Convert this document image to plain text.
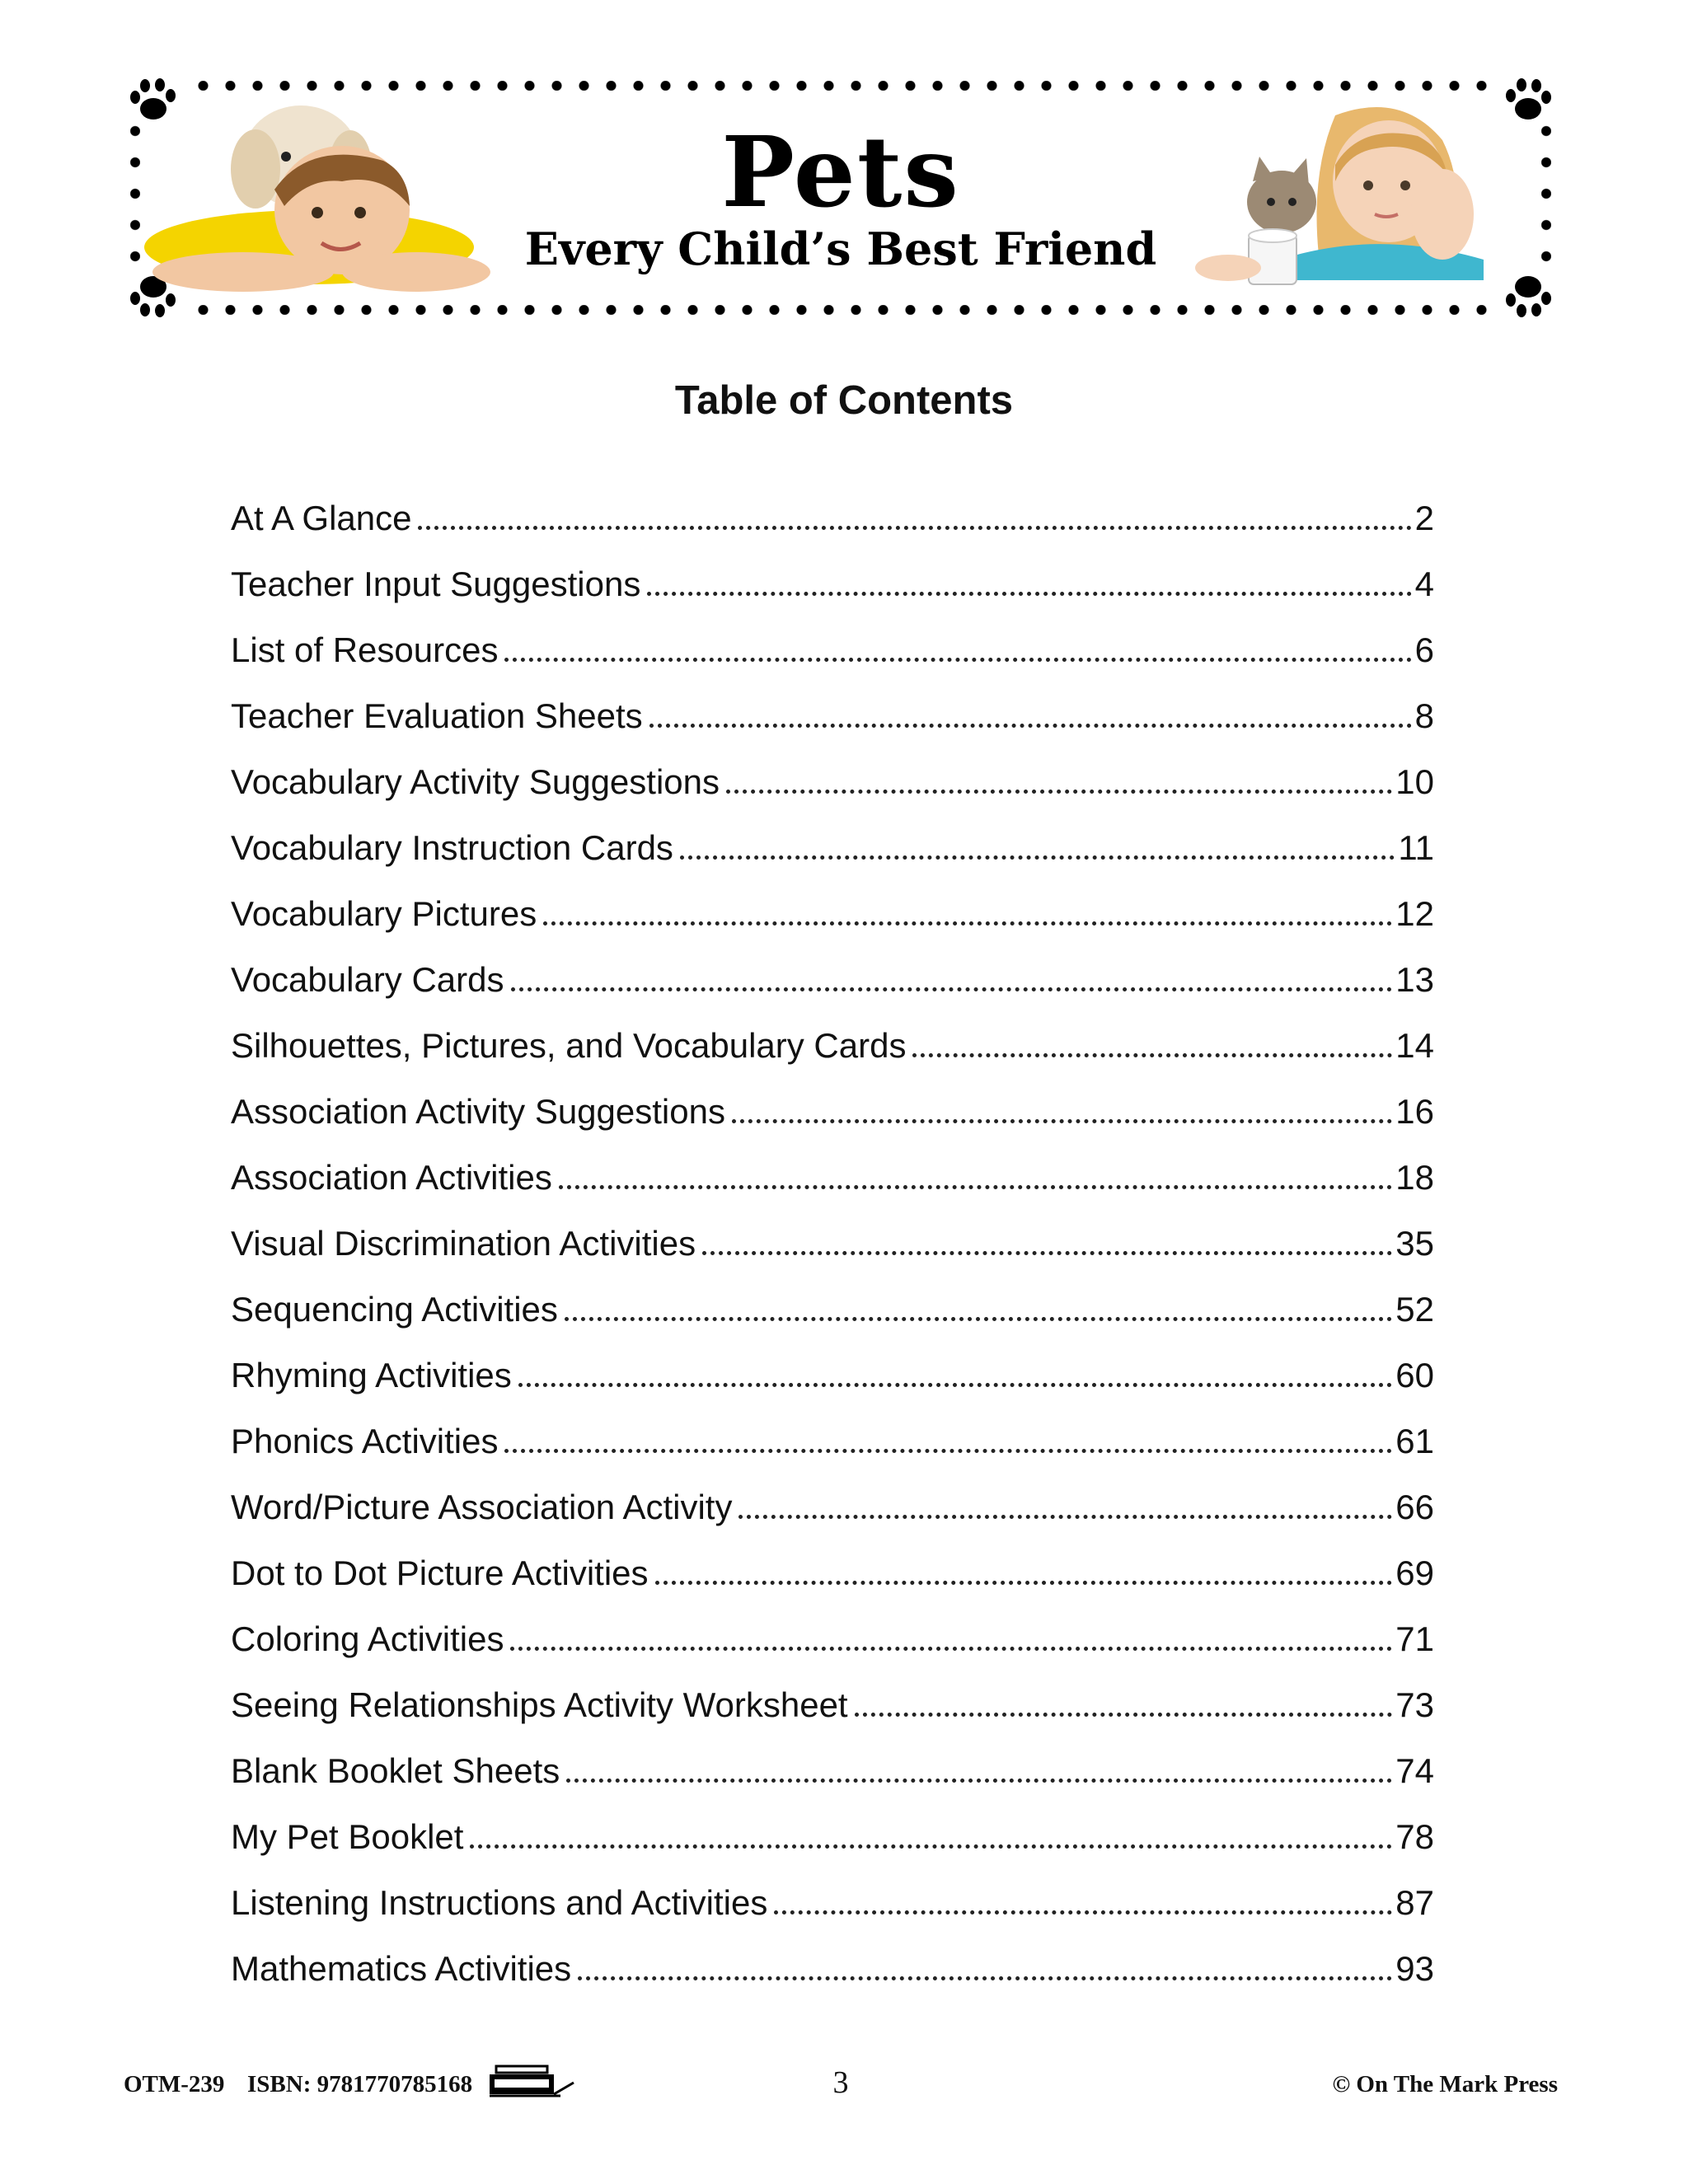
Pets
Every Child’s Best Friend
Table of Contents
At A Glance	2
Teacher Input Suggestions	4
List of Resources	6
Teacher Evaluation Sheets	8
Vocabulary Activity Suggestions	10
Vocabulary Instruction Cards	11
Vocabulary Pictures	12
Vocabulary Cards	13
Silhouettes, Pictures, and Vocabulary Cards	14
Association Activity Suggestions	16
Association Activities	18
Visual Discrimination Activities	35
Sequencing Activities	52
Rhyming Activities	60
Phonics Activities	61
Word/Picture Association Activity	66
Dot to Dot Picture Activities	69
Coloring Activities	71
Seeing Relationships Activity Worksheet	73
Blank Booklet Sheets	74
My Pet Booklet	78
Listening Instructions and Activities	87
Mathematics Activities	93
OTM-239 ISBN: 9781770785168	3	© On The Mark Press
